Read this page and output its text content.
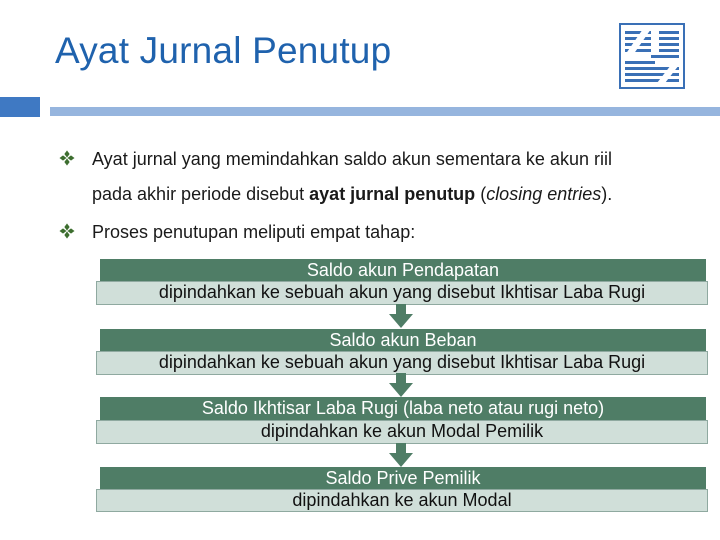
Ayat Jurnal Penutup
Ayat jurnal yang memindahkan saldo akun sementara ke akun riil
pada akhir periode disebut ayat jurnal penutup (closing entries).
Proses penutupan meliputi empat tahap:
Saldo akun Pendapatan
dipindahkan ke sebuah akun yang disebut Ikhtisar Laba Rugi
Saldo akun Beban
dipindahkan ke sebuah akun yang disebut Ikhtisar Laba Rugi
Saldo Ikhtisar Laba Rugi (laba neto atau rugi neto)
dipindahkan ke akun Modal Pemilik
Saldo Prive Pemilik
dipindahkan ke akun Modal
